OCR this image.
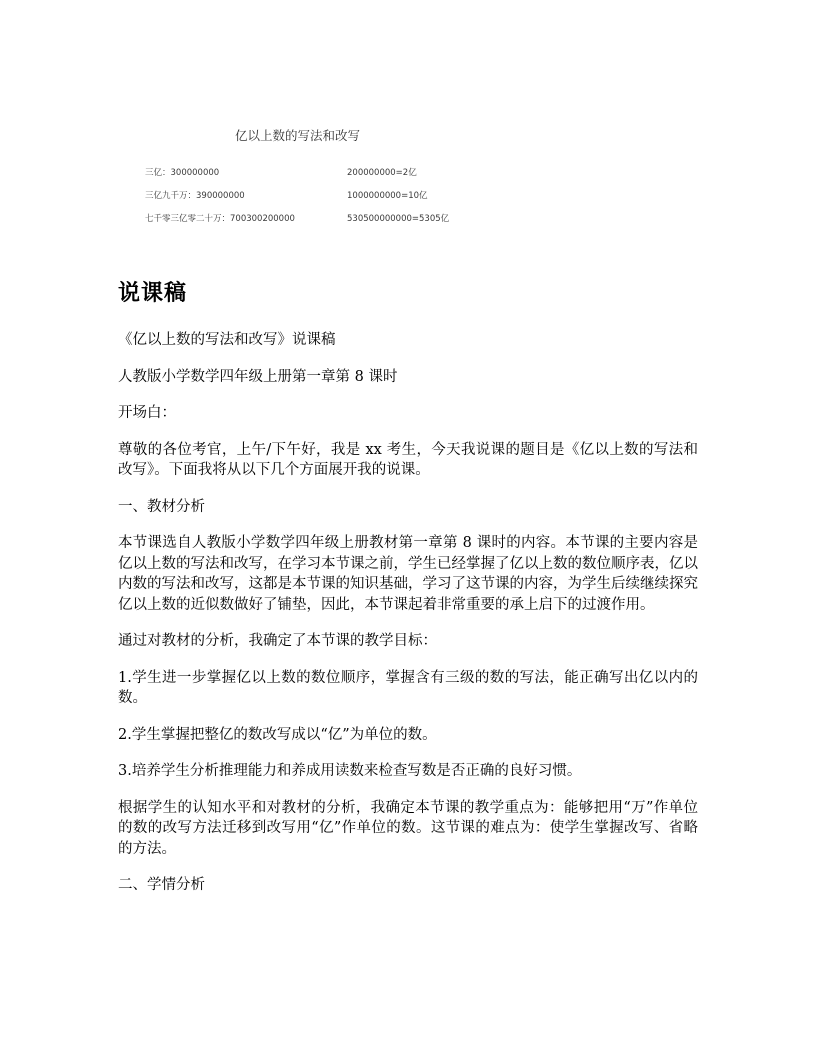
亿以上数的写法和改写
三亿：300000000	200000000=2亿
三亿九千万：390000000	1000000000=10亿
七千零三亿零二十万：700300200000	530500000000=5305亿
说课稿

《亿以上数的写法和改写》说课稿

人教版小学数学四年级上册第一章第 8 课时

开场白：

尊敬的各位考官，上午/下午好，我是 xx 考生，今天我说课的题目是《亿以上数的写法和改写》。下面我将从以下几个方面展开我的说课。

一、教材分析

本节课选自人教版小学数学四年级上册教材第一章第 8 课时的内容。本节课的主要内容是亿以上数的写法和改写，在学习本节课之前，学生已经掌握了亿以上数的数位顺序表，亿以内数的写法和改写，这都是本节课的知识基础，学习了这节课的内容，为学生后续继续探究亿以上数的近似数做好了铺垫，因此，本节课起着非常重要的承上启下的过渡作用。

通过对教材的分析，我确定了本节课的教学目标：

1.学生进一步掌握亿以上数的数位顺序，掌握含有三级的数的写法，能正确写出亿以内的数。

2.学生掌握把整亿的数改写成以“亿”为单位的数。

3.培养学生分析推理能力和养成用读数来检查写数是否正确的良好习惯。

根据学生的认知水平和对教材的分析，我确定本节课的教学重点为：能够把用“万”作单位的数的改写方法迁移到改写用“亿”作单位的数。这节课的难点为：使学生掌握改写、省略的方法。

二、学情分析
